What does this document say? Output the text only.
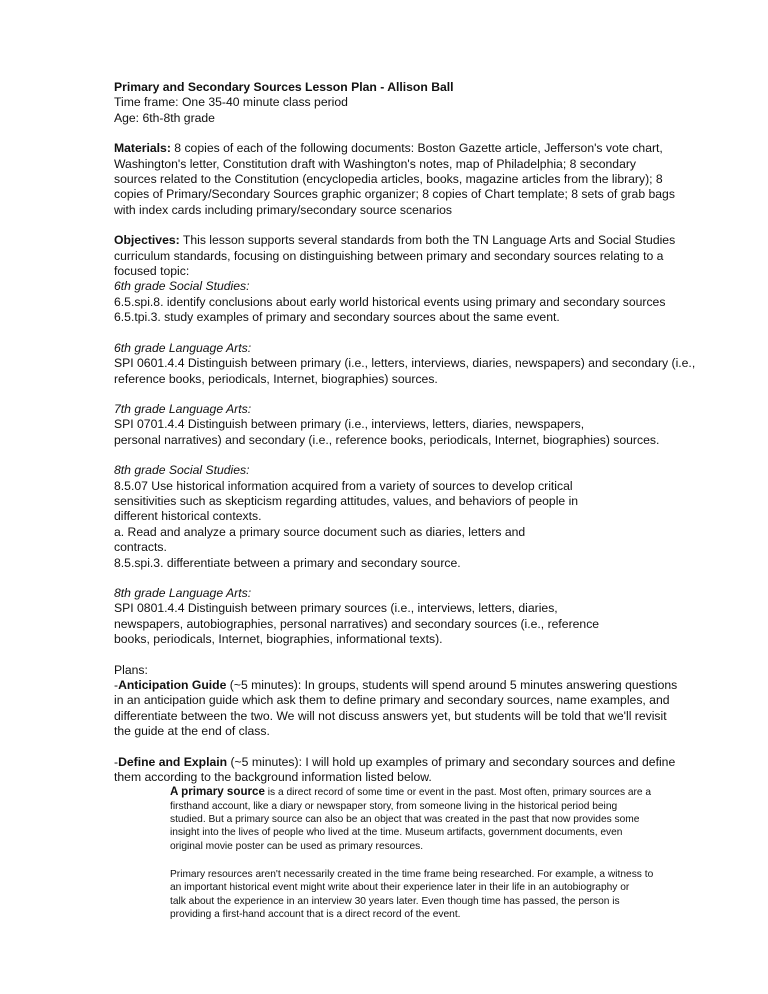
Primary and Secondary Sources Lesson Plan - Allison Ball
Time frame: One 35-40 minute class period
Age: 6th-8th grade
Materials: 8 copies of each of the following documents: Boston Gazette article, Jefferson's vote chart,
Washington's letter, Constitution draft with Washington's notes, map of Philadelphia; 8 secondary
sources related to the Constitution (encyclopedia articles, books, magazine articles from the library); 8
copies of Primary/Secondary Sources graphic organizer; 8 copies of Chart template; 8 sets of grab bags
with index cards including primary/secondary source scenarios
Objectives: This lesson supports several standards from both the TN Language Arts and Social Studies
curriculum standards, focusing on distinguishing between primary and secondary sources relating to a
focused topic:
6th grade Social Studies:
6.5.spi.8. identify conclusions about early world historical events using primary and secondary sources
6.5.tpi.3. study examples of primary and secondary sources about the same event.
6th grade Language Arts:
SPI 0601.4.4 Distinguish between primary (i.e., letters, interviews, diaries, newspapers) and secondary (i.e.,
reference books, periodicals, Internet, biographies) sources.
7th grade Language Arts:
SPI 0701.4.4 Distinguish between primary (i.e., interviews, letters, diaries, newspapers,
personal narratives) and secondary (i.e., reference books, periodicals, Internet, biographies) sources.
8th grade Social Studies:
8.5.07 Use historical information acquired from a variety of sources to develop critical
sensitivities such as skepticism regarding attitudes, values, and behaviors of people in
different historical contexts.
a. Read and analyze a primary source document such as diaries, letters and
contracts.
8.5.spi.3. differentiate between a primary and secondary source.
8th grade Language Arts:
SPI 0801.4.4 Distinguish between primary sources (i.e., interviews, letters, diaries,
newspapers, autobiographies, personal narratives) and secondary sources (i.e., reference
books, periodicals, Internet, biographies, informational texts).
Plans:
-Anticipation Guide (~5 minutes): In groups, students will spend around 5 minutes answering questions
in an anticipation guide which ask them to define primary and secondary sources, name examples, and
differentiate between the two. We will not discuss answers yet, but students will be told that we'll revisit
the guide at the end of class.
-Define and Explain (~5 minutes): I will hold up examples of primary and secondary sources and define
them according to the background information listed below.
A primary source is a direct record of some time or event in the past. Most often, primary sources are a
firsthand account, like a diary or newspaper story, from someone living in the historical period being
studied. But a primary source can also be an object that was created in the past that now provides some
insight into the lives of people who lived at the time. Museum artifacts, government documents, even
original movie poster can be used as primary resources.
Primary resources aren't necessarily created in the time frame being researched. For example, a witness to
an important historical event might write about their experience later in their life in an autobiography or
talk about the experience in an interview 30 years later. Even though time has passed, the person is
providing a first-hand account that is a direct record of the event.
